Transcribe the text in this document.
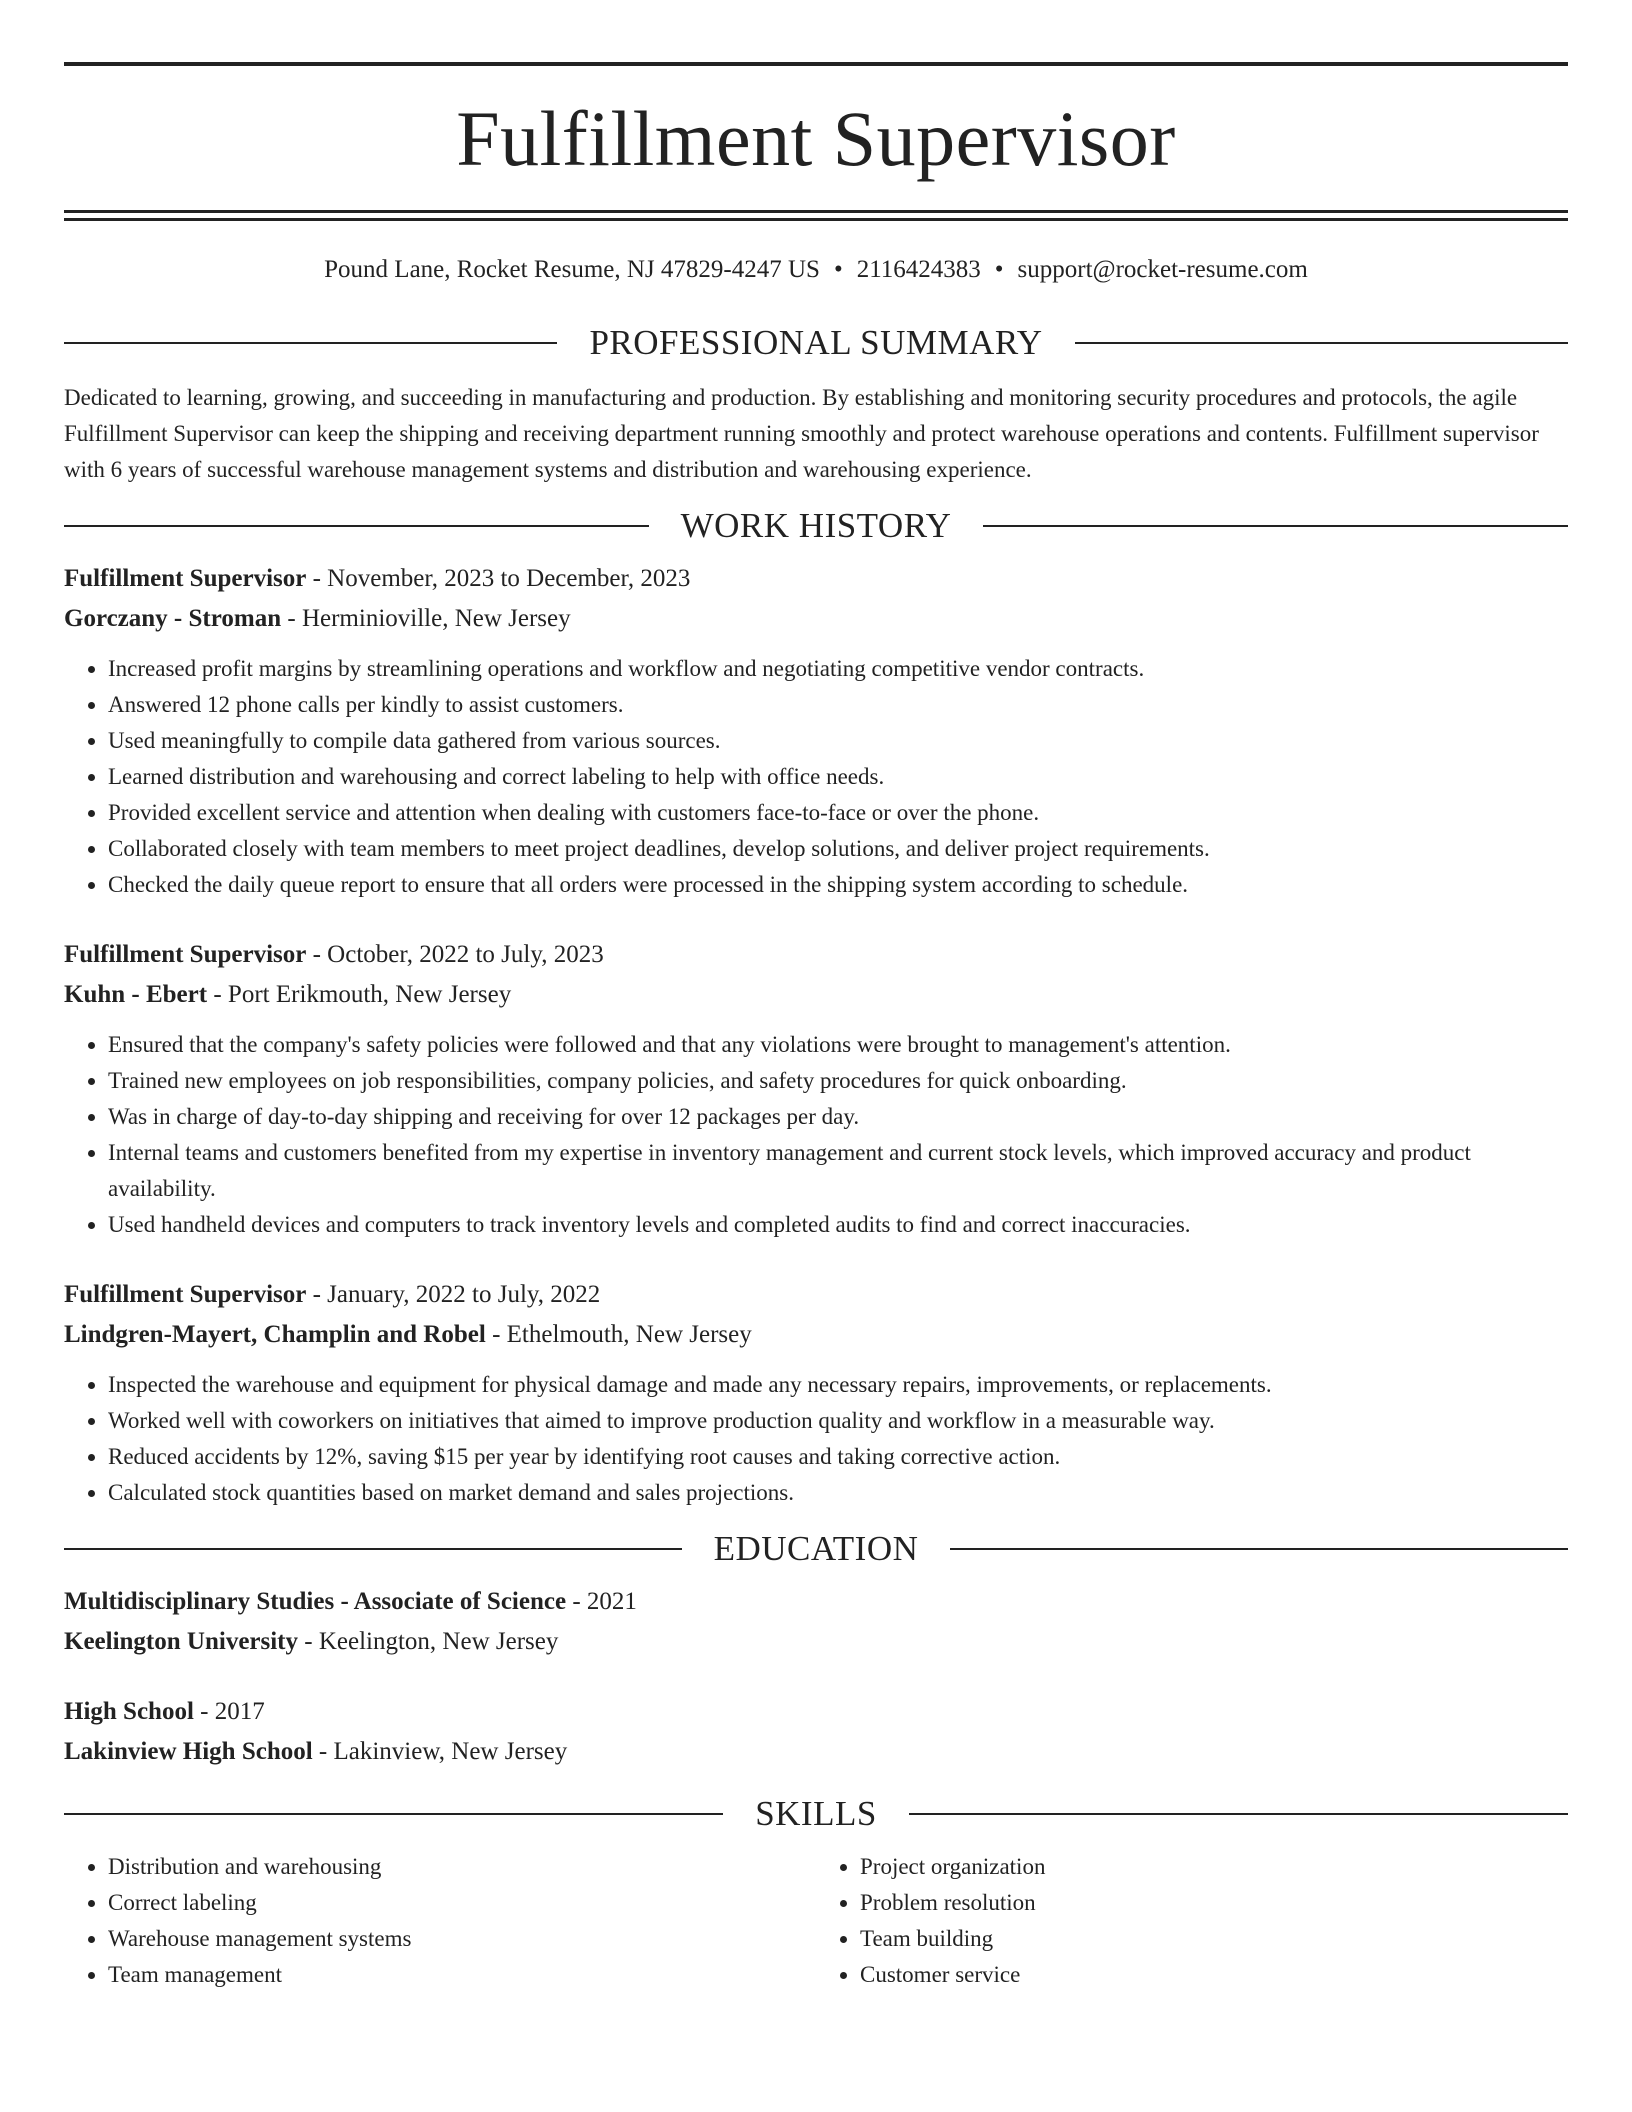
Fulfillment Supervisor
Pound Lane, Rocket Resume, NJ 47829-4247 US • 2116424383 • support@rocket-resume.com
PROFESSIONAL SUMMARY

Dedicated to learning, growing, and succeeding in manufacturing and production. By establishing and monitoring security procedures and protocols, the agile Fulfillment Supervisor can keep the shipping and receiving department running smoothly and protect warehouse operations and contents. Fulfillment supervisor with 6 years of successful warehouse management systems and distribution and warehousing experience.

WORK HISTORY
Fulfillment Supervisor - November, 2023 to December, 2023
Gorczany - Stroman - Herminioville, New Jersey
• Increased profit margins by streamlining operations and workflow and negotiating competitive vendor contracts.
• Answered 12 phone calls per kindly to assist customers.
• Used meaningfully to compile data gathered from various sources.
• Learned distribution and warehousing and correct labeling to help with office needs.
• Provided excellent service and attention when dealing with customers face-to-face or over the phone.
• Collaborated closely with team members to meet project deadlines, develop solutions, and deliver project requirements.
• Checked the daily queue report to ensure that all orders were processed in the shipping system according to schedule.
Fulfillment Supervisor - October, 2022 to July, 2023
Kuhn - Ebert - Port Erikmouth, New Jersey
• Ensured that the company's safety policies were followed and that any violations were brought to management's attention.
• Trained new employees on job responsibilities, company policies, and safety procedures for quick onboarding.
• Was in charge of day-to-day shipping and receiving for over 12 packages per day.
• Internal teams and customers benefited from my expertise in inventory management and current stock levels, which improved accuracy and product availability.
• Used handheld devices and computers to track inventory levels and completed audits to find and correct inaccuracies.
Fulfillment Supervisor - January, 2022 to July, 2022
Lindgren-Mayert, Champlin and Robel - Ethelmouth, New Jersey
• Inspected the warehouse and equipment for physical damage and made any necessary repairs, improvements, or replacements.
• Worked well with coworkers on initiatives that aimed to improve production quality and workflow in a measurable way.
• Reduced accidents by 12%, saving $15 per year by identifying root causes and taking corrective action.
• Calculated stock quantities based on market demand and sales projections.
EDUCATION
Multidisciplinary Studies - Associate of Science - 2021
Keelington University - Keelington, New Jersey
High School - 2017
Lakinview High School - Lakinview, New Jersey
SKILLS
• Distribution and warehousing
• Correct labeling
• Warehouse management systems
• Team management
• Project organization
• Problem resolution
• Team building
• Customer service
